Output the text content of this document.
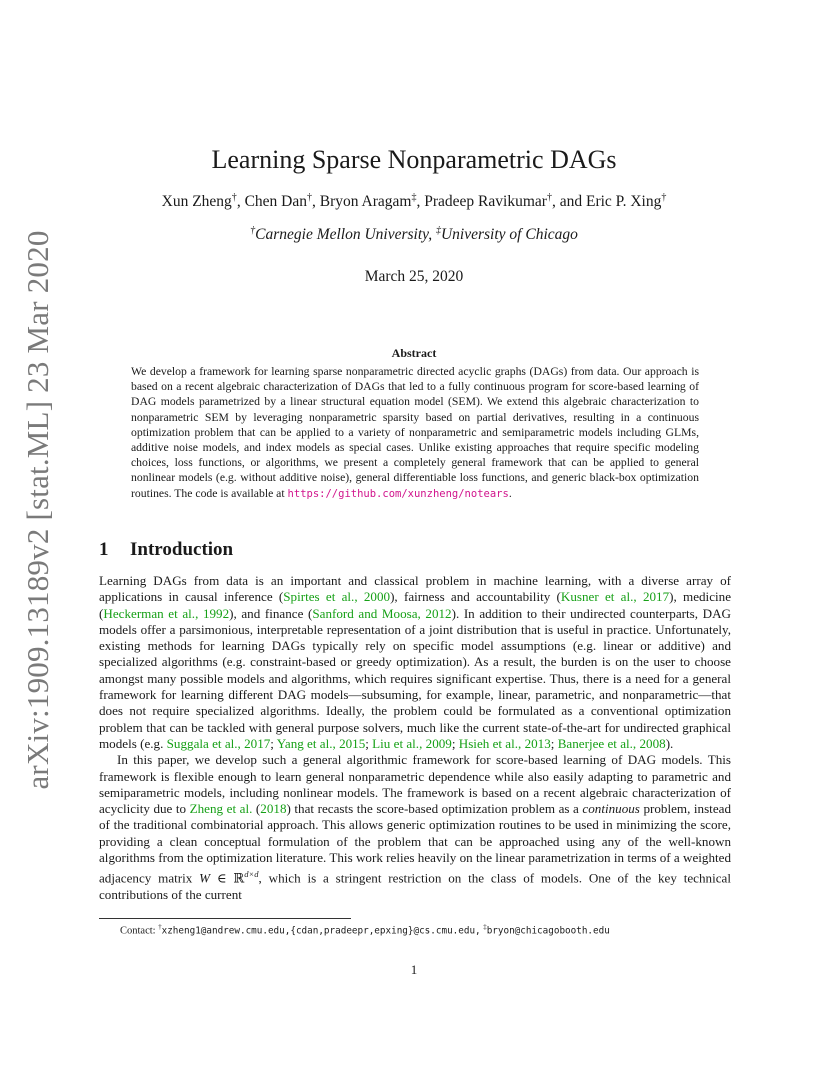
arXiv:1909.13189v2 [stat.ML] 23 Mar 2020
Learning Sparse Nonparametric DAGs
Xun Zheng†, Chen Dan†, Bryon Aragam‡, Pradeep Ravikumar†, and Eric P. Xing†
†Carnegie Mellon University, ‡University of Chicago
March 25, 2020
Abstract
We develop a framework for learning sparse nonparametric directed acyclic graphs (DAGs) from data. Our approach is based on a recent algebraic characterization of DAGs that led to a fully continuous program for score-based learning of DAG models parametrized by a linear structural equation model (SEM). We extend this algebraic characterization to nonparametric SEM by leveraging nonparametric sparsity based on partial derivatives, resulting in a continuous optimization problem that can be applied to a variety of nonparametric and semiparametric models including GLMs, additive noise models, and index models as special cases. Unlike existing approaches that require specific modeling choices, loss functions, or algorithms, we present a completely general framework that can be applied to general nonlinear models (e.g. without additive noise), general differentiable loss functions, and generic black-box optimization routines. The code is available at https://github.com/xunzheng/notears.
1 Introduction

Learning DAGs from data is an important and classical problem in machine learning, with a diverse array of applications in causal inference (Spirtes et al., 2000), fairness and accountability (Kusner et al., 2017), medicine (Heckerman et al., 1992), and finance (Sanford and Moosa, 2012). In addition to their undirected counterparts, DAG models offer a parsimonious, interpretable representation of a joint distribution that is useful in practice. Unfortunately, existing methods for learning DAGs typically rely on specific model assumptions (e.g. linear or additive) and specialized algorithms (e.g. constraint-based or greedy optimization). As a result, the burden is on the user to choose amongst many possible models and algorithms, which requires significant expertise. Thus, there is a need for a general framework for learning different DAG models—subsuming, for example, linear, parametric, and nonparametric—that does not require specialized algorithms. Ideally, the problem could be formulated as a conventional optimization problem that can be tackled with general purpose solvers, much like the current state-of-the-art for undirected graphical models (e.g. Suggala et al., 2017; Yang et al., 2015; Liu et al., 2009; Hsieh et al., 2013; Banerjee et al., 2008).

In this paper, we develop such a general algorithmic framework for score-based learning of DAG models. This framework is flexible enough to learn general nonparametric dependence while also easily adapting to parametric and semiparametric models, including nonlinear models. The framework is based on a recent algebraic characterization of acyclicity due to Zheng et al. (2018) that recasts the score-based optimization problem as a continuous problem, instead of the traditional combinatorial approach. This allows generic optimization routines to be used in minimizing the score, providing a clean conceptual formulation of the problem that can be approached using any of the well-known algorithms from the optimization literature. This work relies heavily on the linear parametrization in terms of a weighted adjacency matrix W ∈ ℝ$^{d\times d}$, which is a stringent restriction on the class of models. One of the key technical contributions of the current

Contact: †xzheng1@andrew.cmu.edu,{cdan,pradeepr,epxing}@cs.cmu.edu, ‡bryon@chicagobooth.edu
1
